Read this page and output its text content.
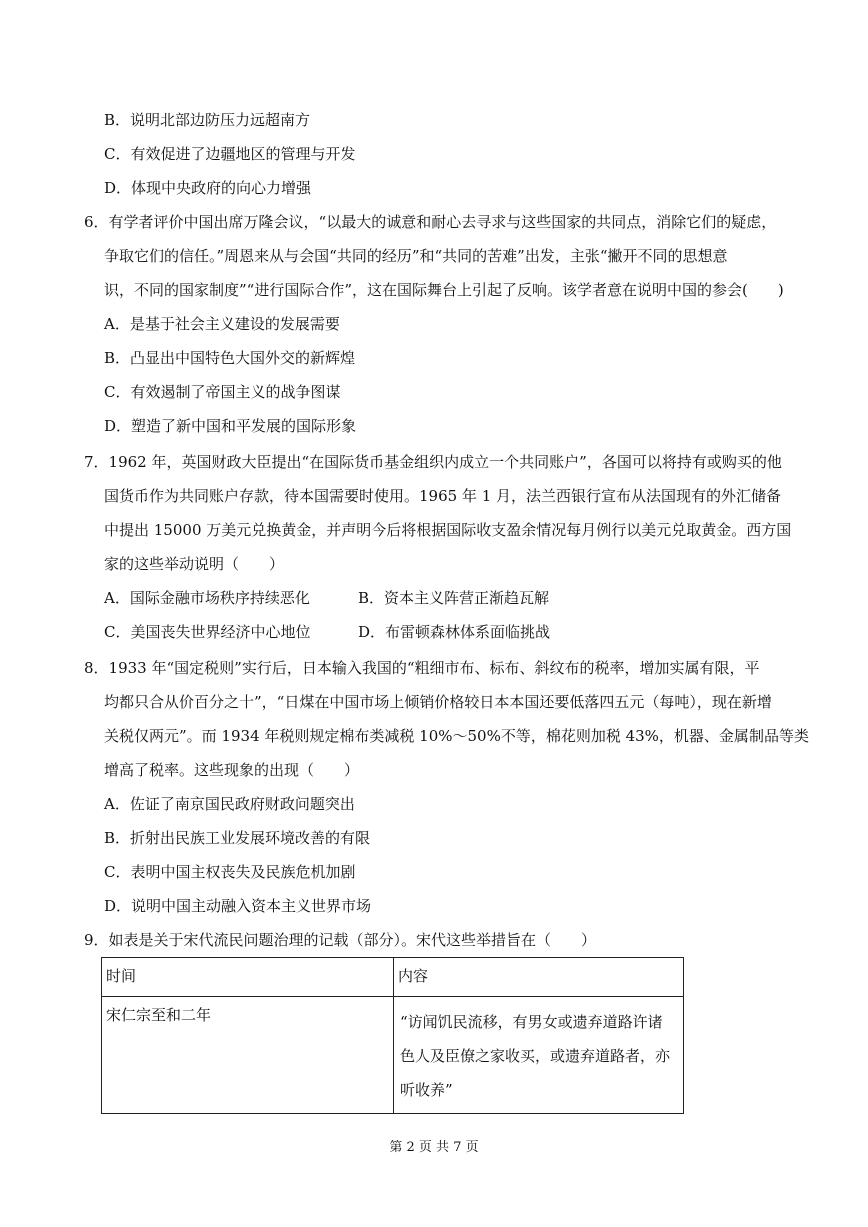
B．说明北部边防压力远超南方
C．有效促进了边疆地区的管理与开发
D．体现中央政府的向心力增强
6．有学者评价中国出席万隆会议，“以最大的诚意和耐心去寻求与这些国家的共同点，消除它们的疑虑，
争取它们的信任。”周恩来从与会国“共同的经历”和“共同的苦难”出发，主张“撇开不同的思想意
识，不同的国家制度”“进行国际合作”，这在国际舞台上引起了反响。该学者意在说明中国的参会(　　)
A．是基于社会主义建设的发展需要
B．凸显出中国特色大国外交的新辉煌
C．有效遏制了帝国主义的战争图谋
D．塑造了新中国和平发展的国际形象
7．1962 年，英国财政大臣提出“在国际货币基金组织内成立一个共同账户”，各国可以将持有或购买的他
国货币作为共同账户存款，待本国需要时使用。1965 年 1 月，法兰西银行宣布从法国现有的外汇储备
中提出 15000 万美元兑换黄金，并声明今后将根据国际收支盈余情况每月例行以美元兑取黄金。西方国
家的这些举动说明（　　）
A．国际金融市场秩序持续恶化	B．资本主义阵营正渐趋瓦解
C．美国丧失世界经济中心地位	D．布雷顿森林体系面临挑战
8．1933 年“国定税则”实行后，日本输入我国的“粗细市布、标布、斜纹布的税率，增加实属有限，平
均都只合从价百分之十”，“日煤在中国市场上倾销价格较日本本国还要低落四五元（每吨），现在新增
关税仅两元”。而 1934 年税则规定棉布类减税 10%～50%不等，棉花则加税 43%，机器、金属制品等类
增高了税率。这些现象的出现（　　）
A．佐证了南京国民政府财政问题突出
B．折射出民族工业发展环境改善的有限
C．表明中国主权丧失及民族危机加剧
D．说明中国主动融入资本主义世界市场
9．如表是关于宋代流民问题治理的记载（部分）。宋代这些举措旨在（　　）
时间	内容

宋仁宗至和二年	“访闻饥民流移，有男女或遗弃道路许诸色人及臣僚之家收买，或遗弃道路者，亦听收养”
第 2 页 共 7 页
